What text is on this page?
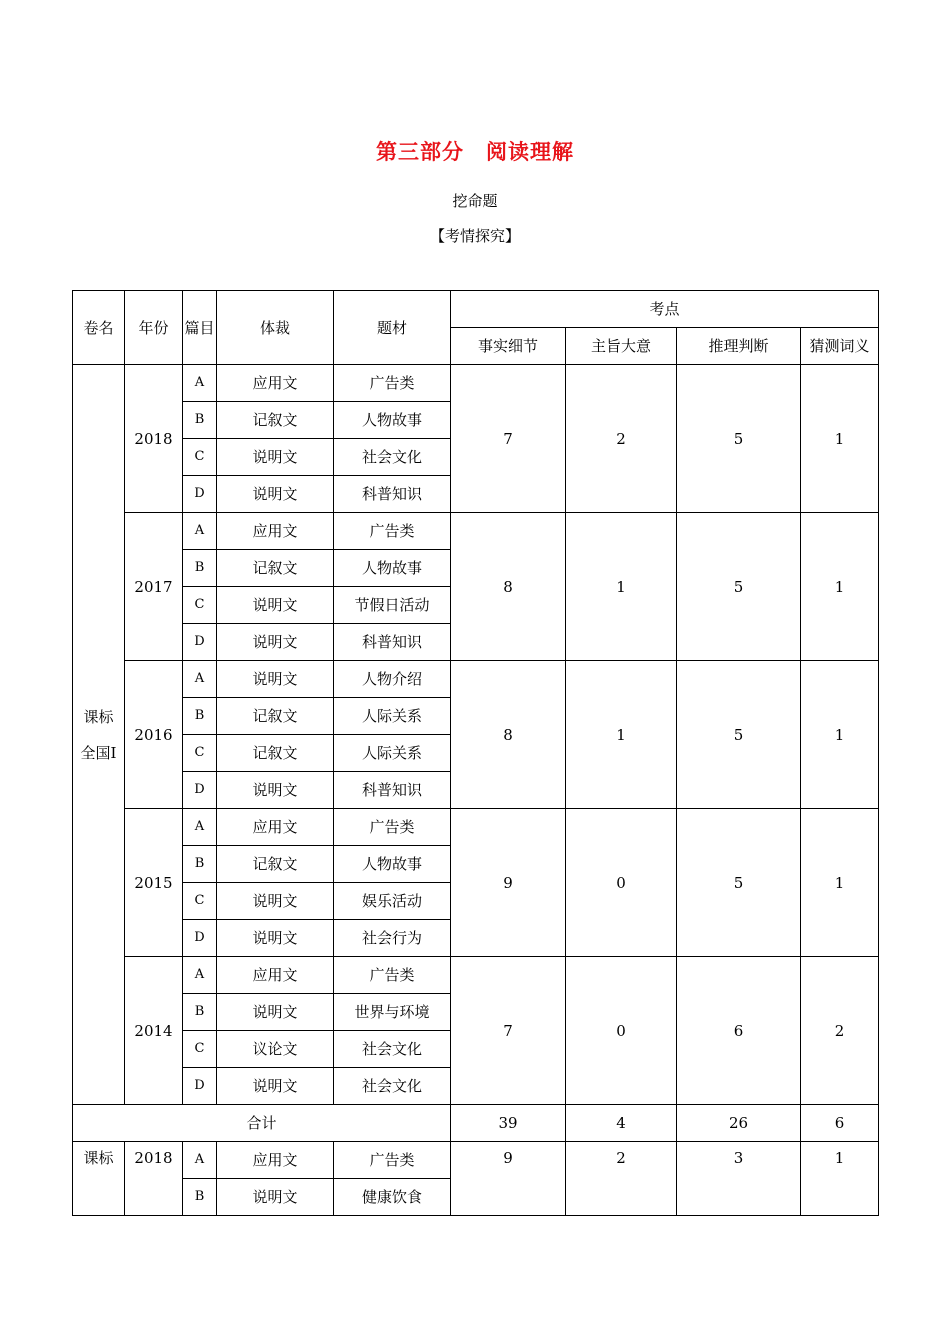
第三部分　阅读理解
挖命题
【考情探究】
卷名	年份	篇目	体裁	题材	考点			
					事实细节	主旨大意	推理判断	猜测词义

课标
全国Ⅰ	2018	A	应用文	广告类	7	2	5	1
		B	记叙文	人物故事				
		C	说明文	社会文化				
		D	说明文	科普知识				
	2017	A	应用文	广告类	8	1	5	1
		B	记叙文	人物故事				
		C	说明文	节假日活动				
		D	说明文	科普知识				
	2016	A	说明文	人物介绍	8	1	5	1
		B	记叙文	人际关系				
		C	记叙文	人际关系				
		D	说明文	科普知识				
	2015	A	应用文	广告类	9	0	5	1
		B	记叙文	人物故事				
		C	说明文	娱乐活动				
		D	说明文	社会行为				
	2014	A	应用文	广告类	7	0	6	2
		B	说明文	世界与环境				
		C	议论文	社会文化				
		D	说明文	社会文化				
合计					39	4	26	6
课标	2018	A	应用文	广告类	9	2	3	1
		B	说明文	健康饮食				
